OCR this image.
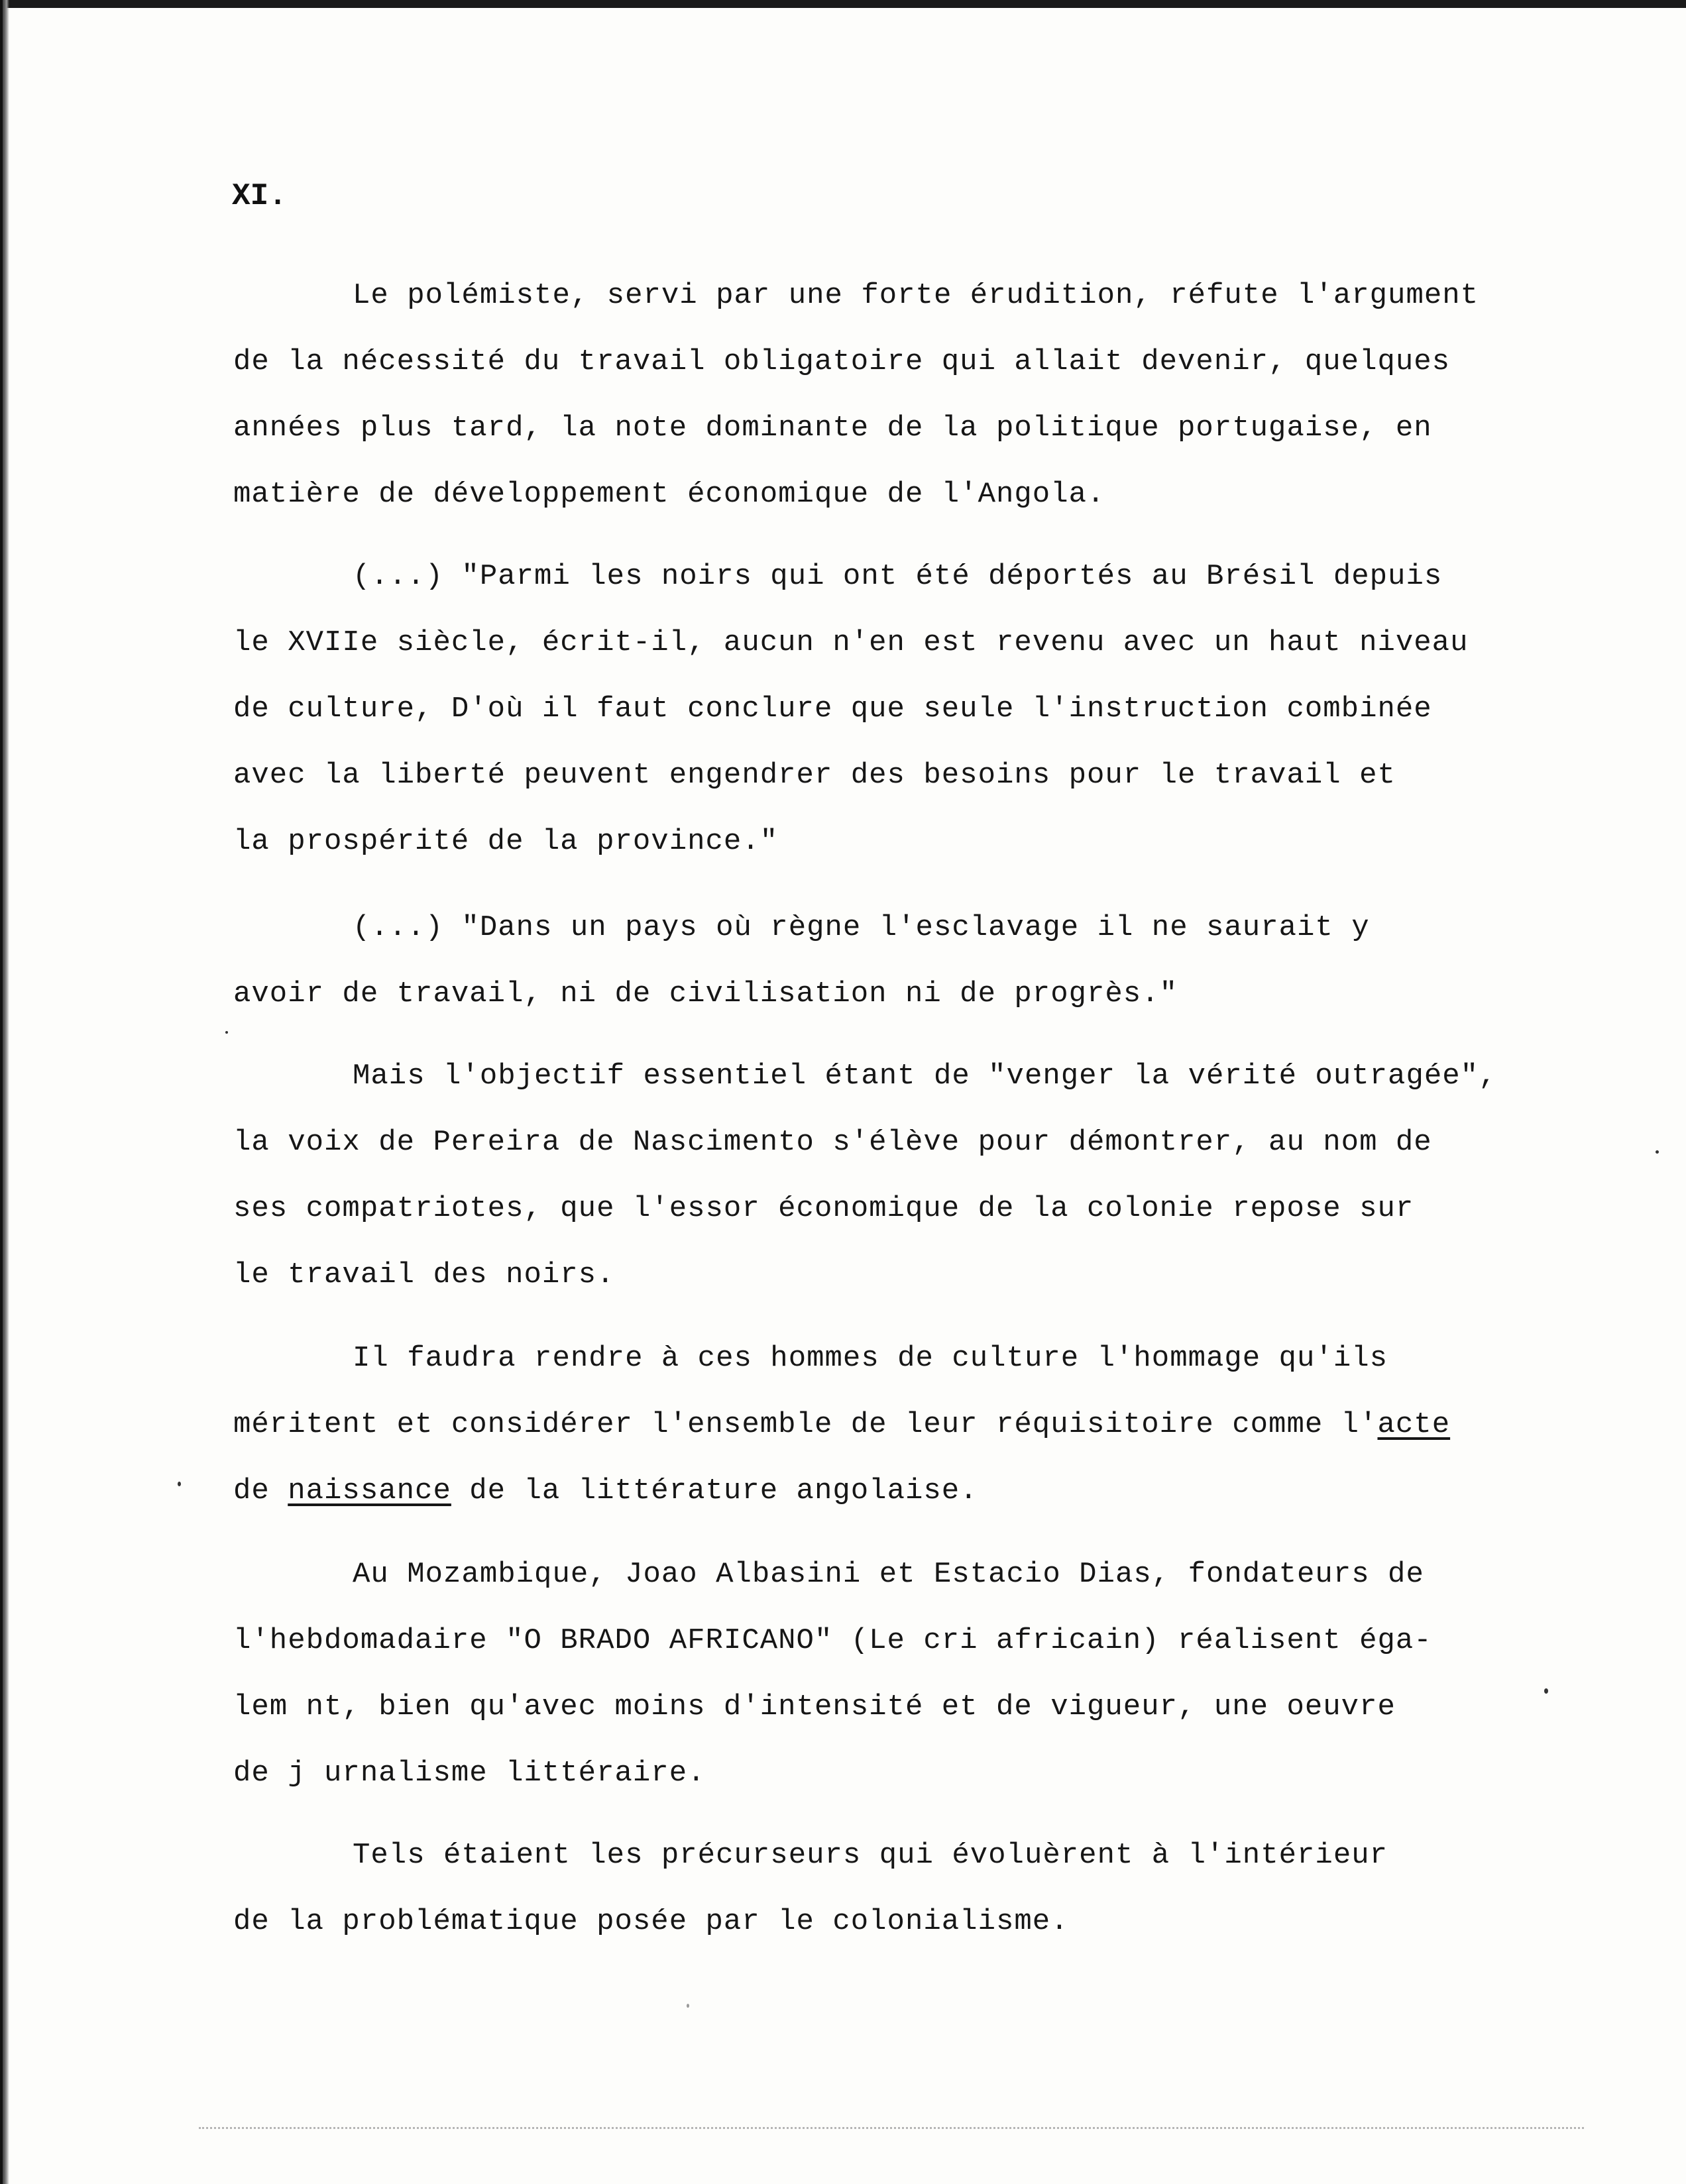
XI.

Le polémiste, servi par une forte érudition, réfute l'argument

de la nécessité du travail obligatoire qui allait devenir, quelques

années plus tard, la note dominante de la politique portugaise, en

matière de développement économique de l'Angola.

(...) "Parmi les noirs qui ont été déportés au Brésil depuis

le XVIIe siècle, écrit-il, aucun n'en est revenu avec un haut niveau

de culture, D'où il faut conclure que seule l'instruction combinée

avec la liberté peuvent engendrer des besoins pour le travail et

la prospérité de la province."

(...) "Dans un pays où règne l'esclavage il ne saurait y

avoir de travail, ni de civilisation ni de progrès."

Mais l'objectif essentiel étant de "venger la vérité outragée",

la voix de Pereira de Nascimento s'élève pour démontrer, au nom de

ses compatriotes, que l'essor économique de la colonie repose sur

le travail des noirs.

Il faudra rendre à ces hommes de culture l'hommage qu'ils

méritent et considérer l'ensemble de leur réquisitoire comme l'acte

de naissance de la littérature angolaise.

Au Mozambique, Joao Albasini et Estacio Dias, fondateurs de

l'hebdomadaire "O BRADO AFRICANO" (Le cri africain) réalisent éga-

lem nt, bien qu'avec moins d'intensité et de vigueur, une oeuvre

de j urnalisme littéraire.

Tels étaient les précurseurs qui évoluèrent à l'intérieur

de la problématique posée par le colonialisme.
